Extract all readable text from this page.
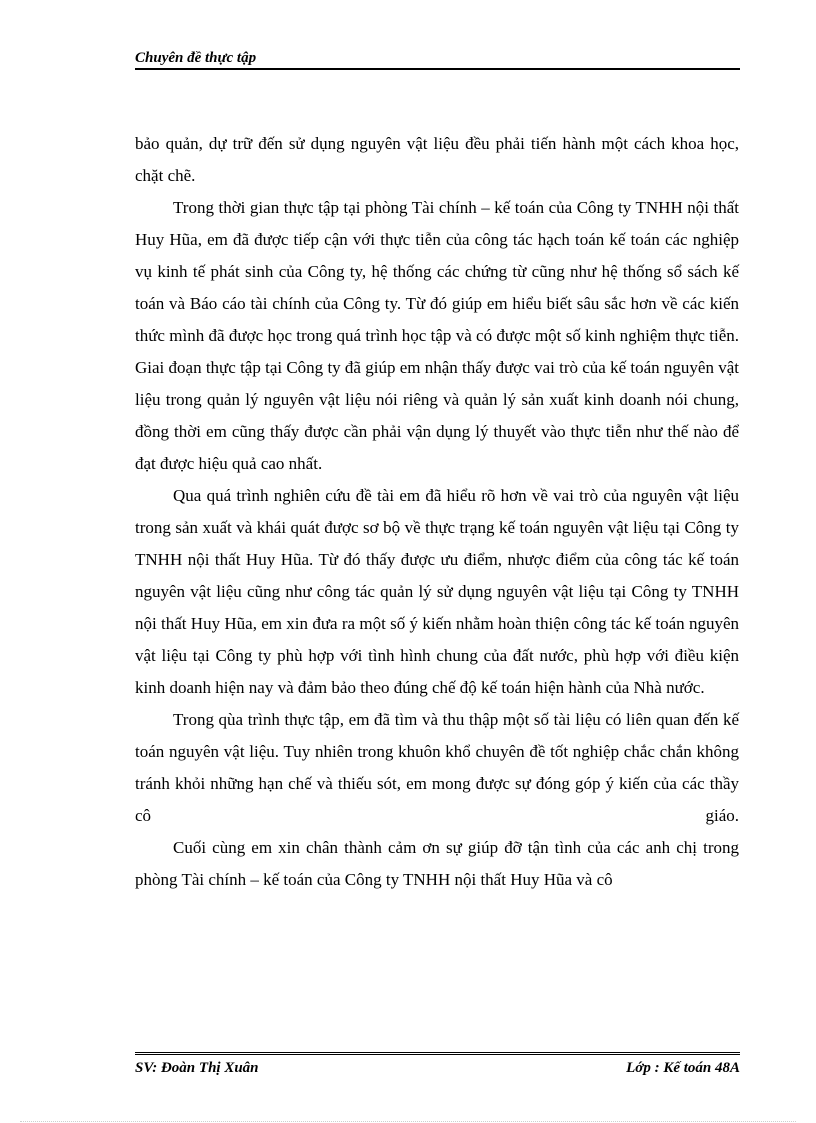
Chuyên đề thực tập

bảo quản, dự trữ đến sử dụng nguyên vật liệu đều phải tiến hành một cách khoa học, chặt chẽ.

Trong thời gian thực tập tại phòng Tài chính – kế toán của Công ty TNHH nội thất Huy Hũa, em đã được tiếp cận với thực tiễn của công tác hạch toán kế toán các nghiệp vụ kinh tế phát sinh của Công ty, hệ thống các chứng từ cũng như hệ thống sổ sách kế toán và Báo cáo tài chính của Công ty. Từ đó giúp em hiểu biết sâu sắc hơn về các kiến thức mình đã được học trong quá trình học tập và có được một số kinh nghiệm thực tiễn. Giai đoạn thực tập tại Công ty đã giúp em nhận thấy được vai trò của kế toán nguyên vật liệu trong quản lý nguyên vật liệu nói riêng và quản lý sản xuất kinh doanh nói chung, đồng thời em cũng thấy được cần phải vận dụng lý thuyết vào thực tiễn như thế nào để đạt được hiệu quả cao nhất.

Qua quá trình nghiên cứu đề tài em đã hiểu rõ hơn về vai trò của nguyên vật liệu trong sản xuất và khái quát được sơ bộ về thực trạng kế toán nguyên vật liệu tại Công ty TNHH nội thất Huy Hũa. Từ đó thấy được ưu điểm, nhược điểm của công tác kế toán nguyên vật liệu cũng như công tác quản lý sử dụng nguyên vật liệu tại Công ty TNHH nội thất Huy Hũa, em xin đưa ra một số ý kiến nhằm hoàn thiện công tác kế toán nguyên vật liệu tại Công ty phù hợp với tình hình chung của đất nước, phù hợp với điều kiện kinh doanh hiện nay và đảm bảo theo đúng chế độ kế toán hiện hành của Nhà nước.

Trong qùa trình thực tập, em đã tìm và thu thập một số tài liệu có liên quan đến kế toán nguyên vật liệu. Tuy nhiên trong khuôn khổ chuyên đề tốt nghiệp chắc chắn không tránh khỏi những hạn chế và thiếu sót, em mong được sự đóng góp ý kiến của các thầy cô giáo.

Cuối cùng em xin chân thành cảm ơn sự giúp đỡ tận tình của các anh chị trong phòng Tài chính – kế toán của Công ty TNHH nội thất Huy Hũa và cô

SV: Đoàn Thị Xuân	Lớp : Kế toán 48A
